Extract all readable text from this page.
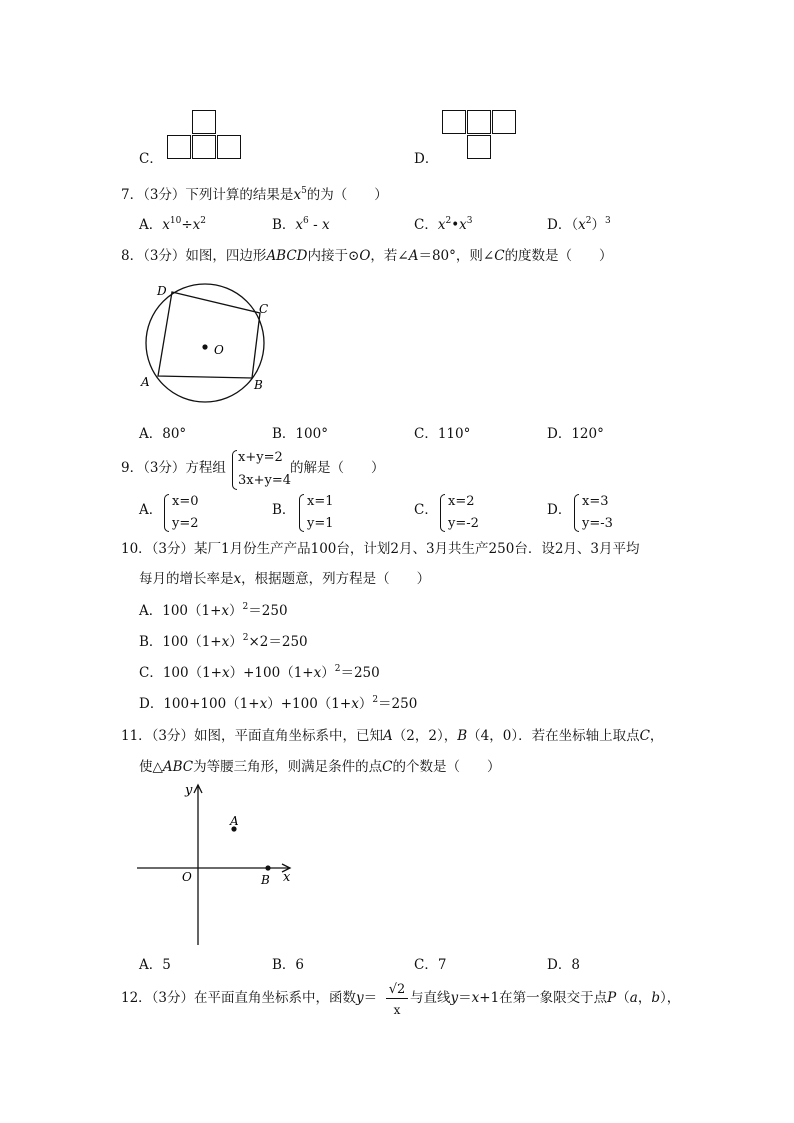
C．	D．
7．（3分）下列计算的结果是$x^5$的为（　　）
A．$x^{10}\div x^2$	B．$x^6$ - x	C．$x^2•x^3$	D．$(x^2)^3$
8．（3分）如图，四边形ABCD内接于⊙O，若∠A＝80°，则∠C的度数是（　　）
D
C
A	B
O
A．80°	B．100°	C．110°	D．120°
9．（3分）方程组
x+y=2
3x+y=4
的解是（　　）
A．
x=0
y=2
B．
x=1
y=1
C．
x=2
y=-2
D．
x=3
y=-3
10．（3分）某厂1月份生产产品100台，计划2月、3月共生产250台．设2月、3月平均
每月的增长率是x，根据题意，列方程是（　　）
A．$100(1+x)^2=250$
B．$100(1+x)^2\times 2=250$
C．$100(1+x)+100(1+x)^2=250$
D．$100+100(1+x)+100(1+x)^2=250$
11．（3分）如图，平面直角坐标系中，已知A（2，2），B（4，0）．若在坐标轴上取点C，
使△ABC为等腰三角形，则满足条件的点C的个数是（　　）
y
A
O	B x
A．5	B．6	C．7	D．8
12．（3分）在平面直角坐标系中，函数y＝
√2
x
与直线y＝x+1在第一象限交于点P（a，b），
